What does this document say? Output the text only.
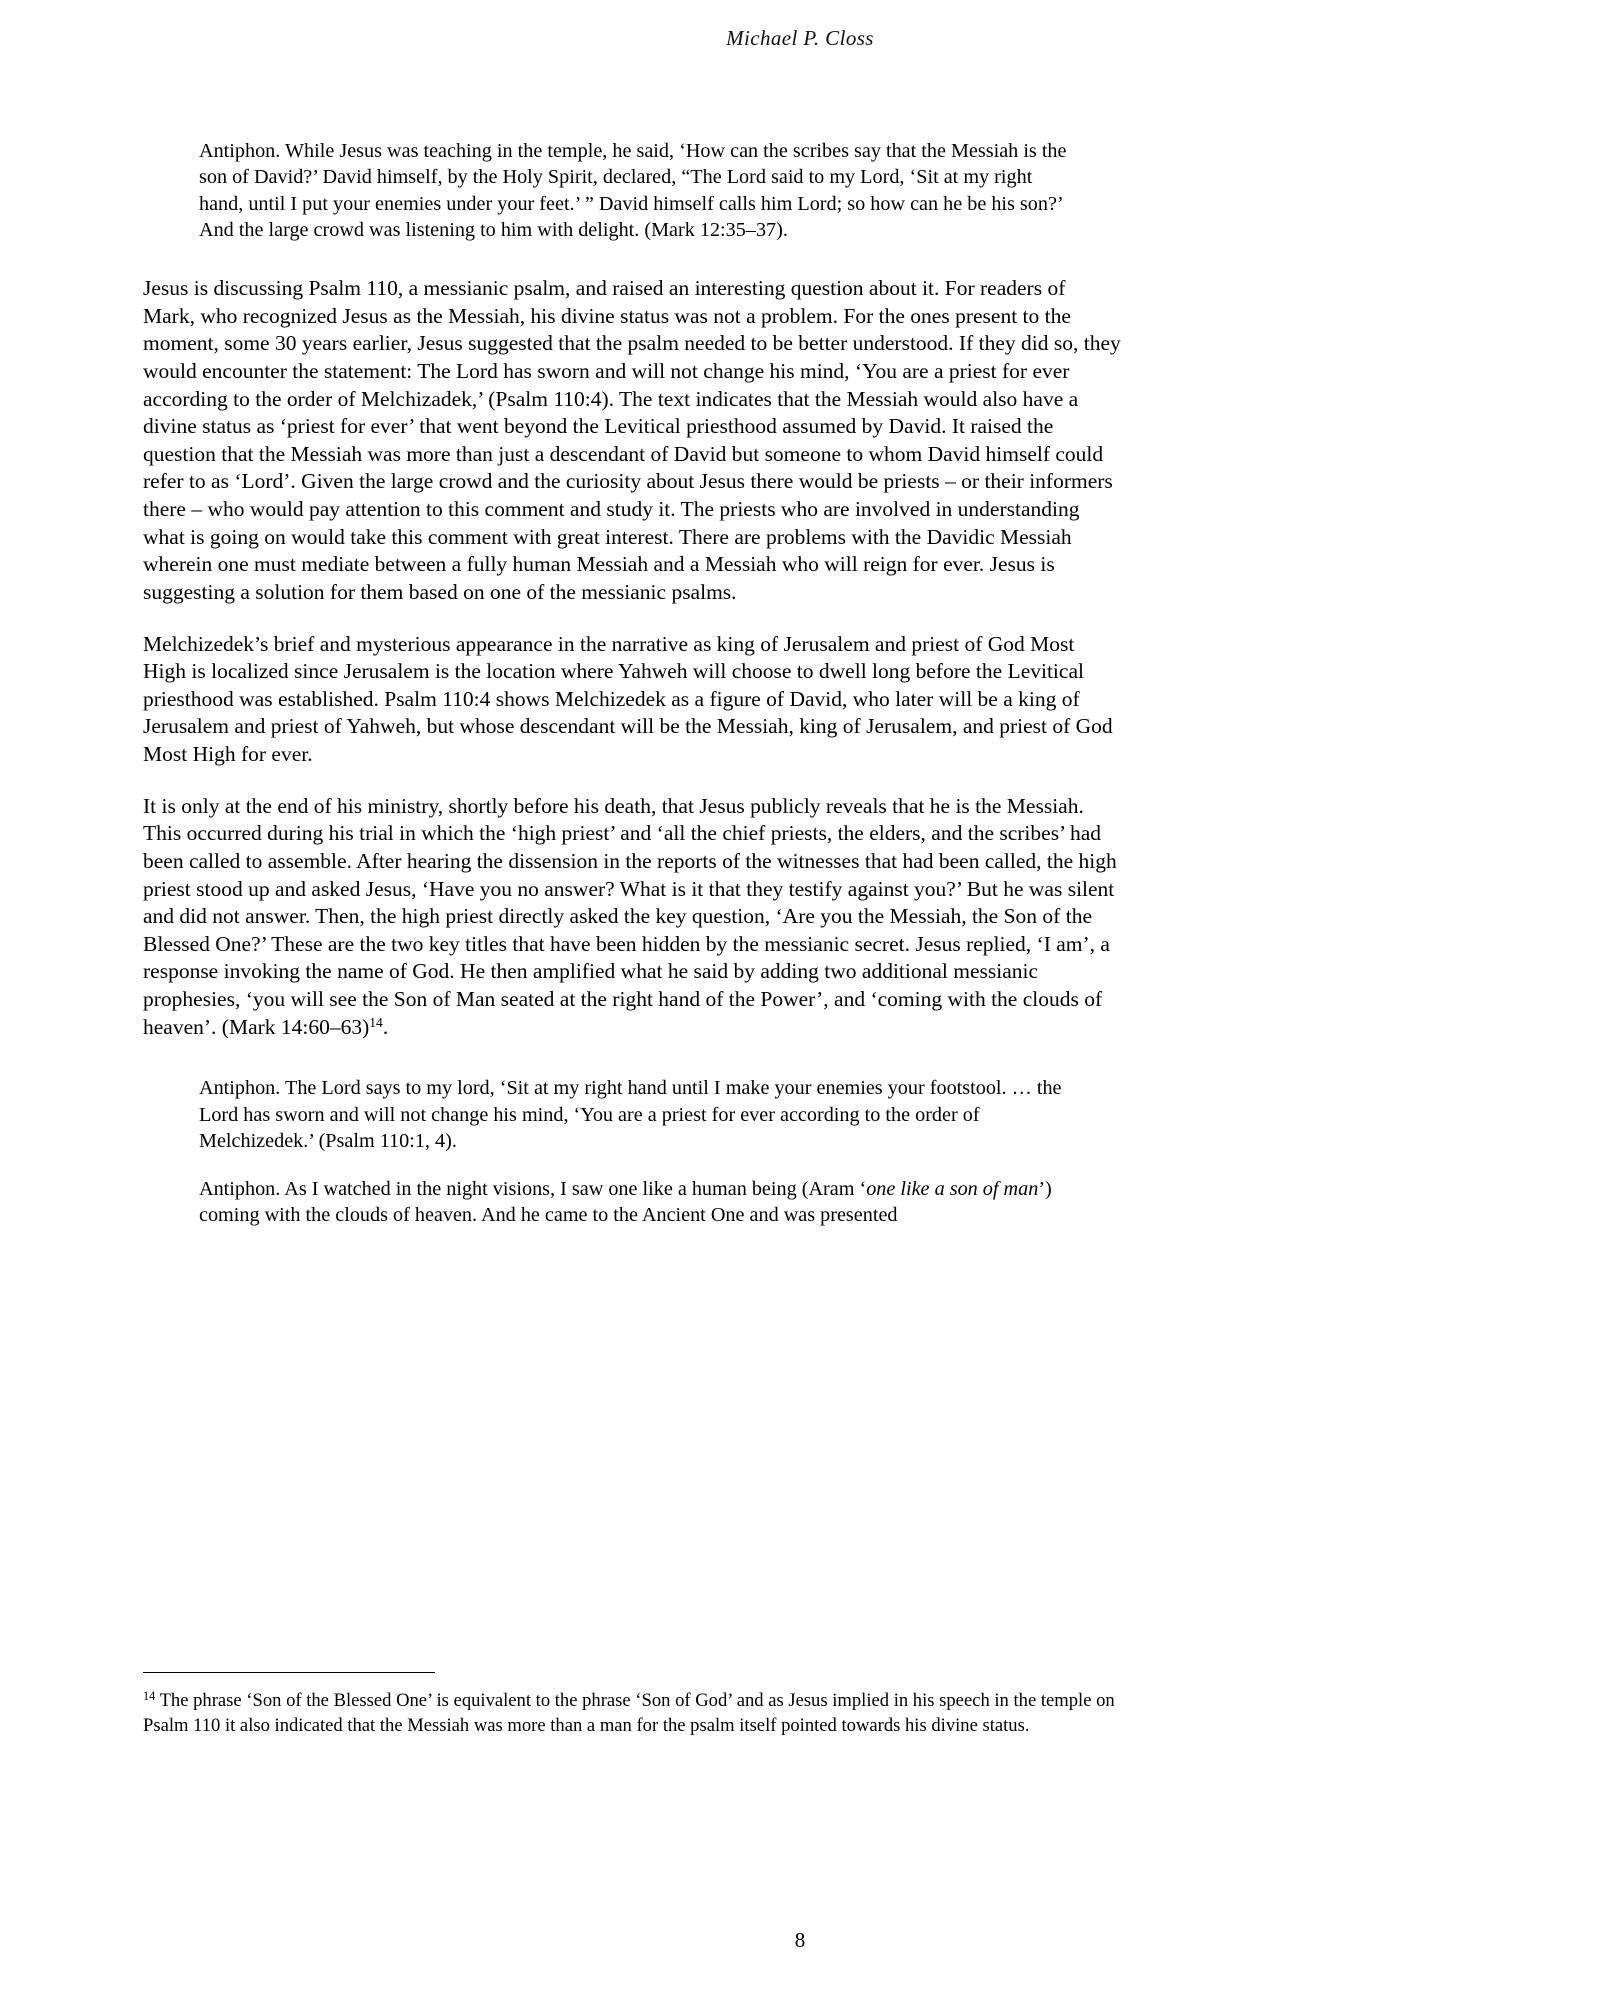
Michael P. Closs

Antiphon. While Jesus was teaching in the temple, he said, ‘How can the scribes say that the Messiah is the son of David?’ David himself, by the Holy Spirit, declared, “The Lord said to my Lord, ‘Sit at my right hand, until I put your enemies under your feet.’ ” David himself calls him Lord; so how can he be his son?’ And the large crowd was listening to him with delight. (Mark 12:35–37).

Jesus is discussing Psalm 110, a messianic psalm, and raised an interesting question about it. For readers of Mark, who recognized Jesus as the Messiah, his divine status was not a problem. For the ones present to the moment, some 30 years earlier, Jesus suggested that the psalm needed to be better understood. If they did so, they would encounter the statement: The Lord has sworn and will not change his mind, ‘You are a priest for ever according to the order of Melchizadek,’ (Psalm 110:4). The text indicates that the Messiah would also have a divine status as ‘priest for ever’ that went beyond the Levitical priesthood assumed by David. It raised the question that the Messiah was more than just a descendant of David but someone to whom David himself could refer to as ‘Lord’. Given the large crowd and the curiosity about Jesus there would be priests – or their informers there – who would pay attention to this comment and study it. The priests who are involved in understanding what is going on would take this comment with great interest. There are problems with the Davidic Messiah wherein one must mediate between a fully human Messiah and a Messiah who will reign for ever. Jesus is suggesting a solution for them based on one of the messianic psalms.

Melchizedek’s brief and mysterious appearance in the narrative as king of Jerusalem and priest of God Most High is localized since Jerusalem is the location where Yahweh will choose to dwell long before the Levitical priesthood was established. Psalm 110:4 shows Melchizedek as a figure of David, who later will be a king of Jerusalem and priest of Yahweh, but whose descendant will be the Messiah, king of Jerusalem, and priest of God Most High for ever.

It is only at the end of his ministry, shortly before his death, that Jesus publicly reveals that he is the Messiah. This occurred during his trial in which the ‘high priest’ and ‘all the chief priests, the elders, and the scribes’ had been called to assemble. After hearing the dissension in the reports of the witnesses that had been called, the high priest stood up and asked Jesus, ‘Have you no answer? What is it that they testify against you?’ But he was silent and did not answer. Then, the high priest directly asked the key question, ‘Are you the Messiah, the Son of the Blessed One?’ These are the two key titles that have been hidden by the messianic secret. Jesus replied, ‘I am’, a response invoking the name of God. He then amplified what he said by adding two additional messianic prophesies, ‘you will see the Son of Man seated at the right hand of the Power’, and ‘coming with the clouds of heaven’. (Mark 14:60–63)$^{14}$.

Antiphon. The Lord says to my lord, ‘Sit at my right hand until I make your enemies your footstool. … the Lord has sworn and will not change his mind, ‘You are a priest for ever according to the order of Melchizedek.’ (Psalm 110:1, 4).

Antiphon. As I watched in the night visions, I saw one like a human being (Aram ‘one like a son of man’) coming with the clouds of heaven. And he came to the Ancient One and was presented

$^{14}$ The phrase ‘Son of the Blessed One’ is equivalent to the phrase ‘Son of God’ and as Jesus implied in his speech in the temple on Psalm 110 it also indicated that the Messiah was more than a man for the psalm itself pointed towards his divine status.

8
